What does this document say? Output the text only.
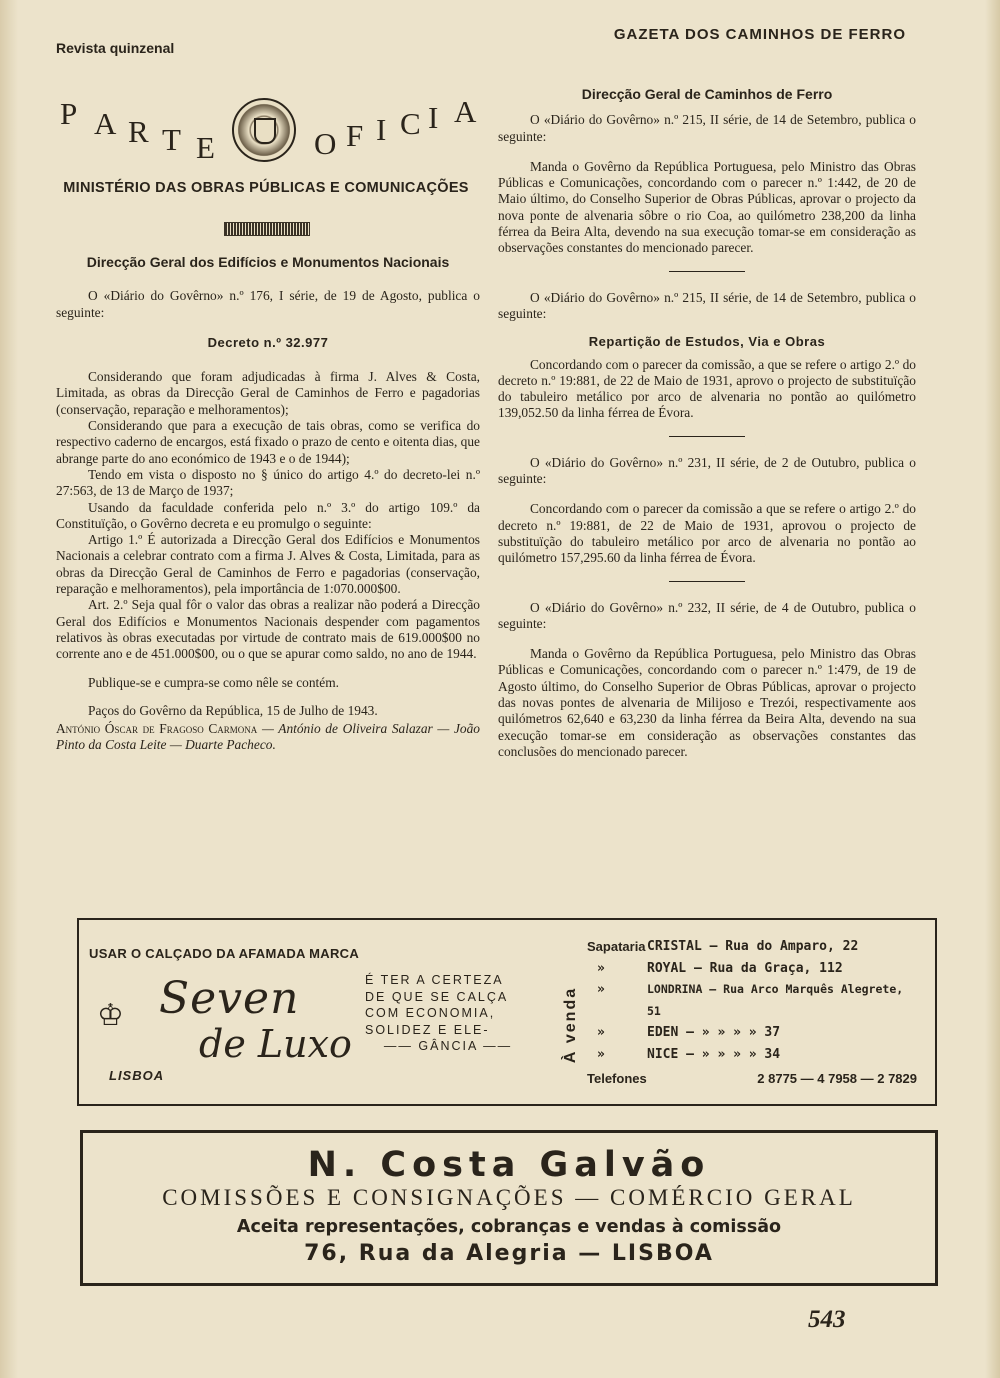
Revista quinzenal
GAZETA DOS CAMINHOS DE FERRO
P A R T E	O F I C I A
MINISTÉRIO DAS OBRAS PÚBLICAS E COMUNICAÇÕES

Direcção Geral dos Edifícios e Monumentos Nacionais

O «Diário do Govêrno» n.º 176, I série, de 19 de Agosto, publica o seguinte:

Decreto n.º 32.977

Considerando que foram adjudicadas à firma J. Alves & Costa, Limitada, as obras da Direcção Geral de Caminhos de Ferro e pagadorias (conservação, reparação e melhoramentos);

Considerando que para a execução de tais obras, como se verifica do respectivo caderno de encargos, está fixado o prazo de cento e oitenta dias, que abrange parte do ano económico de 1943 e o de 1944);

Tendo em vista o disposto no § único do artigo 4.º do decreto-lei n.º 27:563, de 13 de Março de 1937;

Usando da faculdade conferida pelo n.º 3.º do artigo 109.º da Constituïção, o Govêrno decreta e eu promulgo o seguinte:

Artigo 1.º É autorizada a Direcção Geral dos Edifícios e Monumentos Nacionais a celebrar contrato com a firma J. Alves & Costa, Limitada, para as obras da Direcção Geral de Caminhos de Ferro e pagadorias (conservação, reparação e melhoramentos), pela importância de 1:070.000$00.

Art. 2.º Seja qual fôr o valor das obras a realizar não poderá a Direcção Geral dos Edifícios e Monumentos Nacionais despender com pagamentos relativos às obras executadas por virtude de contrato mais de 619.000$00 no corrente ano e de 451.000$00, ou o que se apurar como saldo, no ano de 1944.

Publique-se e cumpra-se como nêle se contém.

Paços do Govêrno da República, 15 de Julho de 1943.

António Óscar de Fragoso Carmona — António de Oliveira Salazar — João Pinto da Costa Leite — Duarte Pacheco.

Direcção Geral de Caminhos de Ferro

O «Diário do Govêrno» n.º 215, II série, de 14 de Setembro, publica o seguinte:

Manda o Govêrno da República Portuguesa, pelo Ministro das Obras Públicas e Comunicações, concordando com o parecer n.º 1:442, de 20 de Maio último, do Conselho Superior de Obras Públicas, aprovar o projecto da nova ponte de alvenaria sôbre o rio Coa, ao quilómetro 238,200 da linha férrea da Beira Alta, devendo na sua execução tomar-se em consideração as observações constantes do mencionado parecer.

O «Diário do Govêrno» n.º 215, II série, de 14 de Setembro, publica o seguinte:

Repartição de Estudos, Via e Obras

Concordando com o parecer da comissão, a que se refere o artigo 2.º do decreto n.º 19:881, de 22 de Maio de 1931, aprovo o projecto de substituïção do tabuleiro metálico por arco de alvenaria no pontão ao quilómetro 139,052.50 da linha férrea de Évora.

O «Diário do Govêrno» n.º 231, II série, de 2 de Outubro, publica o seguinte:

Concordando com o parecer da comissão a que se refere o artigo 2.º do decreto n.º 19:881, de 22 de Maio de 1931, aprovou o projecto de substituïção do tabuleiro metálico por arco de alvenaria no pontão ao quilómetro 157,295.60 da linha férrea de Évora.

O «Diário do Govêrno» n.º 232, II série, de 4 de Outubro, publica o seguinte:

Manda o Govêrno da República Portuguesa, pelo Ministro das Obras Públicas e Comunicações, concordando com o parecer n.º 1:479, de 19 de Agosto último, do Conselho Superior de Obras Públicas, aprovar o projecto das novas pontes de alvenaria de Milijoso e Trezói, respectivamente aos quilómetros 62,640 e 63,230 da linha férrea da Beira Alta, devendo na sua execução tomar-se em consideração as observações constantes das conclusões do mencionado parecer.

USAR O CALÇADO DA AFAMADA MARCA
♔ Seven
de Luxo
LISBOA

É TER A CERTEZA

DE QUE SE CALÇA

COM ECONOMIA,

SOLIDEZ E ELE-

—— GÂNCIA ——	À venda
Sapataria CRISTAL — Rua do Amparo, 22
»	ROYAL — Rua da Graça, 112
»	LONDRINA — Rua Arco Marquês Alegrete, 51
»	EDEN — » » » » 37
»	NICE — » » » » 34
Telefones	2 8775 — 4 7958 — 2 7829
N. Costa Galvão
COMISSÕES E CONSIGNAÇÕES — COMÉRCIO GERAL
Aceita representações, cobranças e vendas à comissão
76, Rua da Alegria — LISBOA
543
